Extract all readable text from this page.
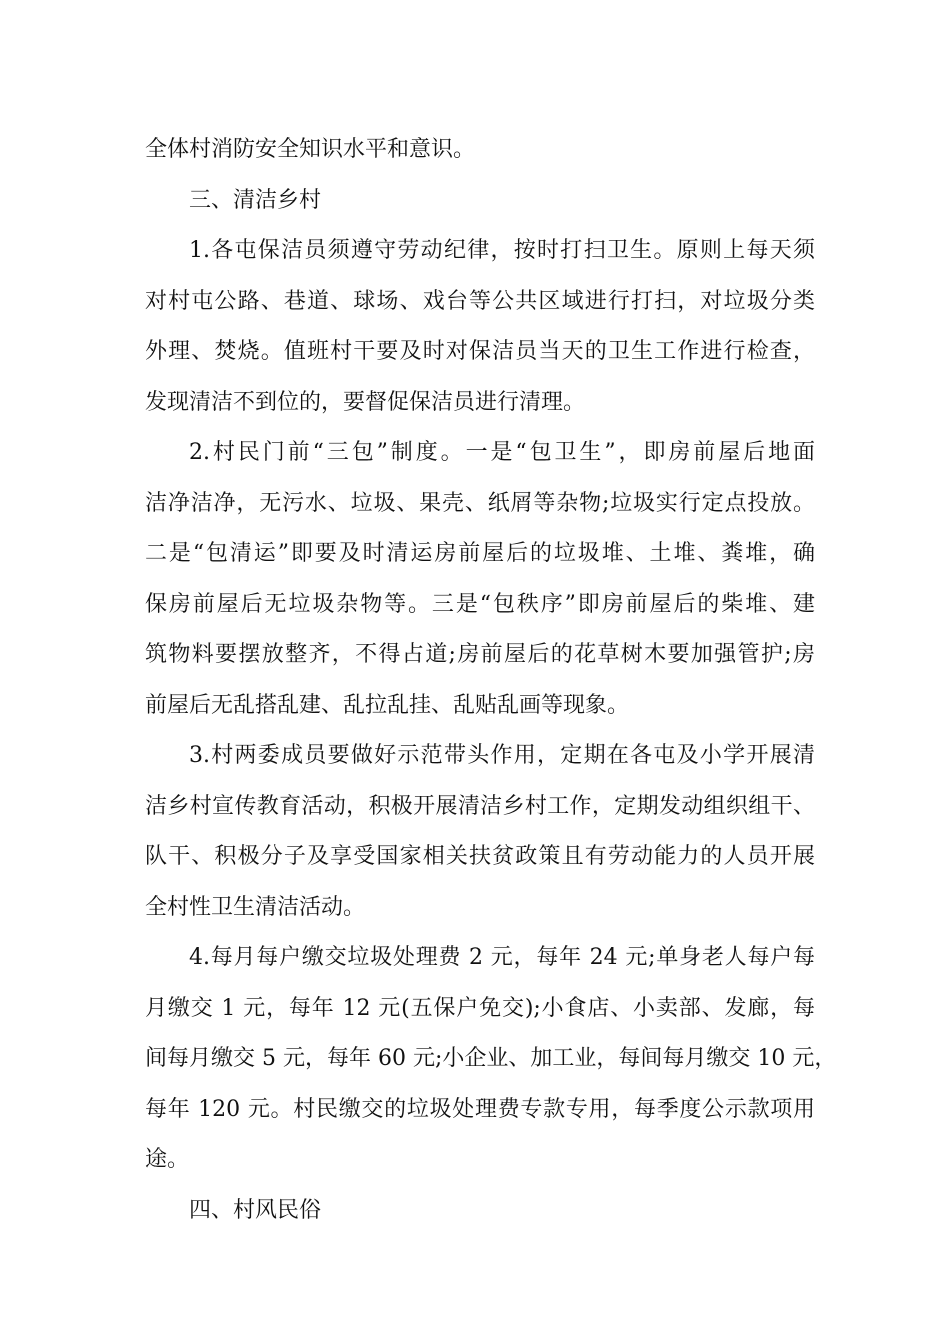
全体村消防安全知识水平和意识。
三、清洁乡村
1.各屯保洁员须遵守劳动纪律，按时打扫卫生。原则上每天须
对村屯公路、巷道、球场、戏台等公共区域进行打扫，对垃圾分类
外理、焚烧。值班村干要及时对保洁员当天的卫生工作进行检查，
发现清洁不到位的，要督促保洁员进行清理。
2.村民门前“三包”制度。一是“包卫生”，即房前屋后地面
洁净洁净，无污水、垃圾、果壳、纸屑等杂物;垃圾实行定点投放。
二是“包清运”即要及时清运房前屋后的垃圾堆、土堆、粪堆，确
保房前屋后无垃圾杂物等。三是“包秩序”即房前屋后的柴堆、建
筑物料要摆放整齐，不得占道;房前屋后的花草树木要加强管护;房
前屋后无乱搭乱建、乱拉乱挂、乱贴乱画等现象。
3.村两委成员要做好示范带头作用，定期在各屯及小学开展清
洁乡村宣传教育活动，积极开展清洁乡村工作，定期发动组织组干、
队干、积极分子及享受国家相关扶贫政策且有劳动能力的人员开展
全村性卫生清洁活动。
4.每月每户缴交垃圾处理费 2 元，每年 24 元;单身老人每户每
月缴交 1 元，每年 12 元(五保户免交);小食店、小卖部、发廊，每
间每月缴交 5 元，每年 60 元;小企业、加工业，每间每月缴交 10 元，
每年 120 元。村民缴交的垃圾处理费专款专用，每季度公示款项用
途。
四、村风民俗
